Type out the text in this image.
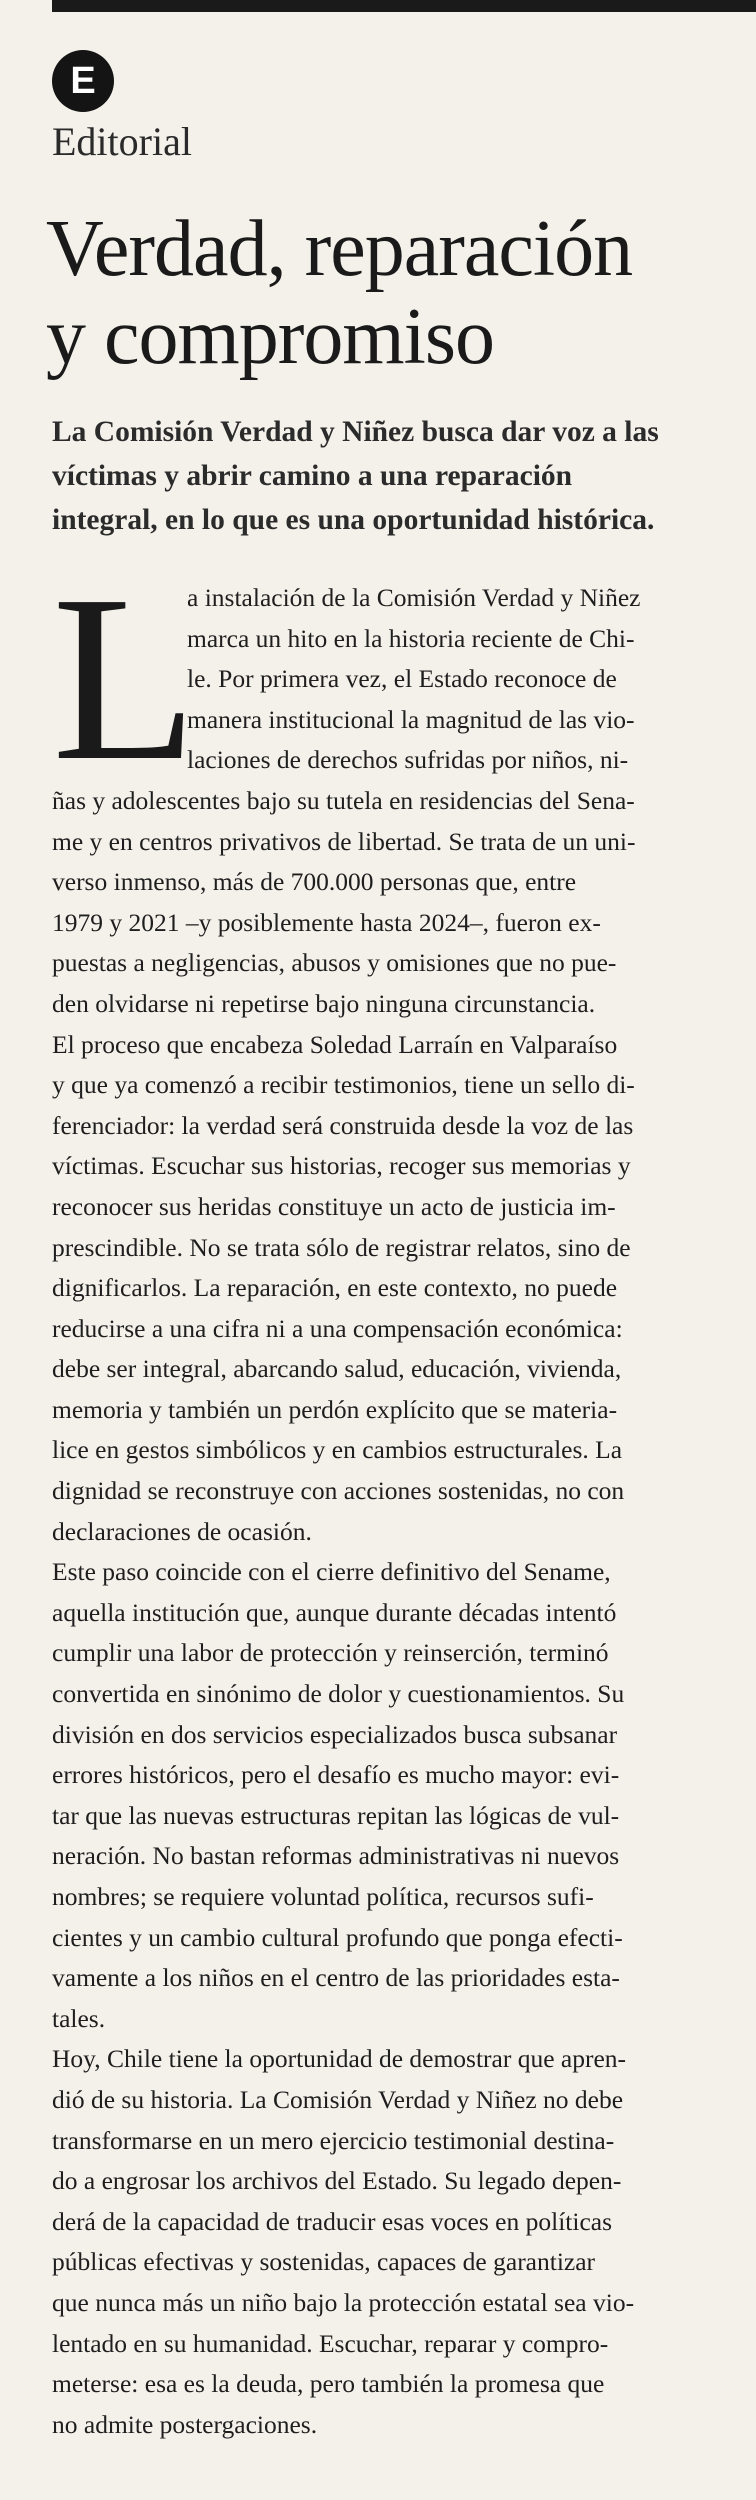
E
Editorial
Verdad, reparación
y compromiso

La Comisión Verdad y Niñez busca dar voz a las
víctimas y abrir camino a una reparación
integral, en lo que es una oportunidad histórica.

L

a instalación de la Comisión Verdad y Niñez
marca un hito en la historia reciente de Chi-
le. Por primera vez, el Estado reconoce de
manera institucional la magnitud de las vio-
laciones de derechos sufridas por niños, ni-
ñas y adolescentes bajo su tutela en residencias del Sena-
me y en centros privativos de libertad. Se trata de un uni-
verso inmenso, más de 700.000 personas que, entre
1979 y 2021 –y posiblemente hasta 2024–, fueron ex-
puestas a negligencias, abusos y omisiones que no pue-
den olvidarse ni repetirse bajo ninguna circunstancia.

El proceso que encabeza Soledad Larraín en Valparaíso
y que ya comenzó a recibir testimonios, tiene un sello di-
ferenciador: la verdad será construida desde la voz de las
víctimas. Escuchar sus historias, recoger sus memorias y
reconocer sus heridas constituye un acto de justicia im-
prescindible. No se trata sólo de registrar relatos, sino de
dignificarlos. La reparación, en este contexto, no puede
reducirse a una cifra ni a una compensación económica:
debe ser integral, abarcando salud, educación, vivienda,
memoria y también un perdón explícito que se materia-
lice en gestos simbólicos y en cambios estructurales. La
dignidad se reconstruye con acciones sostenidas, no con
declaraciones de ocasión.

Este paso coincide con el cierre definitivo del Sename,
aquella institución que, aunque durante décadas intentó
cumplir una labor de protección y reinserción, terminó
convertida en sinónimo de dolor y cuestionamientos. Su
división en dos servicios especializados busca subsanar
errores históricos, pero el desafío es mucho mayor: evi-
tar que las nuevas estructuras repitan las lógicas de vul-
neración. No bastan reformas administrativas ni nuevos
nombres; se requiere voluntad política, recursos sufi-
cientes y un cambio cultural profundo que ponga efecti-
vamente a los niños en el centro de las prioridades esta-
tales.

Hoy, Chile tiene la oportunidad de demostrar que apren-
dió de su historia. La Comisión Verdad y Niñez no debe
transformarse en un mero ejercicio testimonial destina-
do a engrosar los archivos del Estado. Su legado depen-
derá de la capacidad de traducir esas voces en políticas
públicas efectivas y sostenidas, capaces de garantizar
que nunca más un niño bajo la protección estatal sea vio-
lentado en su humanidad. Escuchar, reparar y compro-
meterse: esa es la deuda, pero también la promesa que
no admite postergaciones.
